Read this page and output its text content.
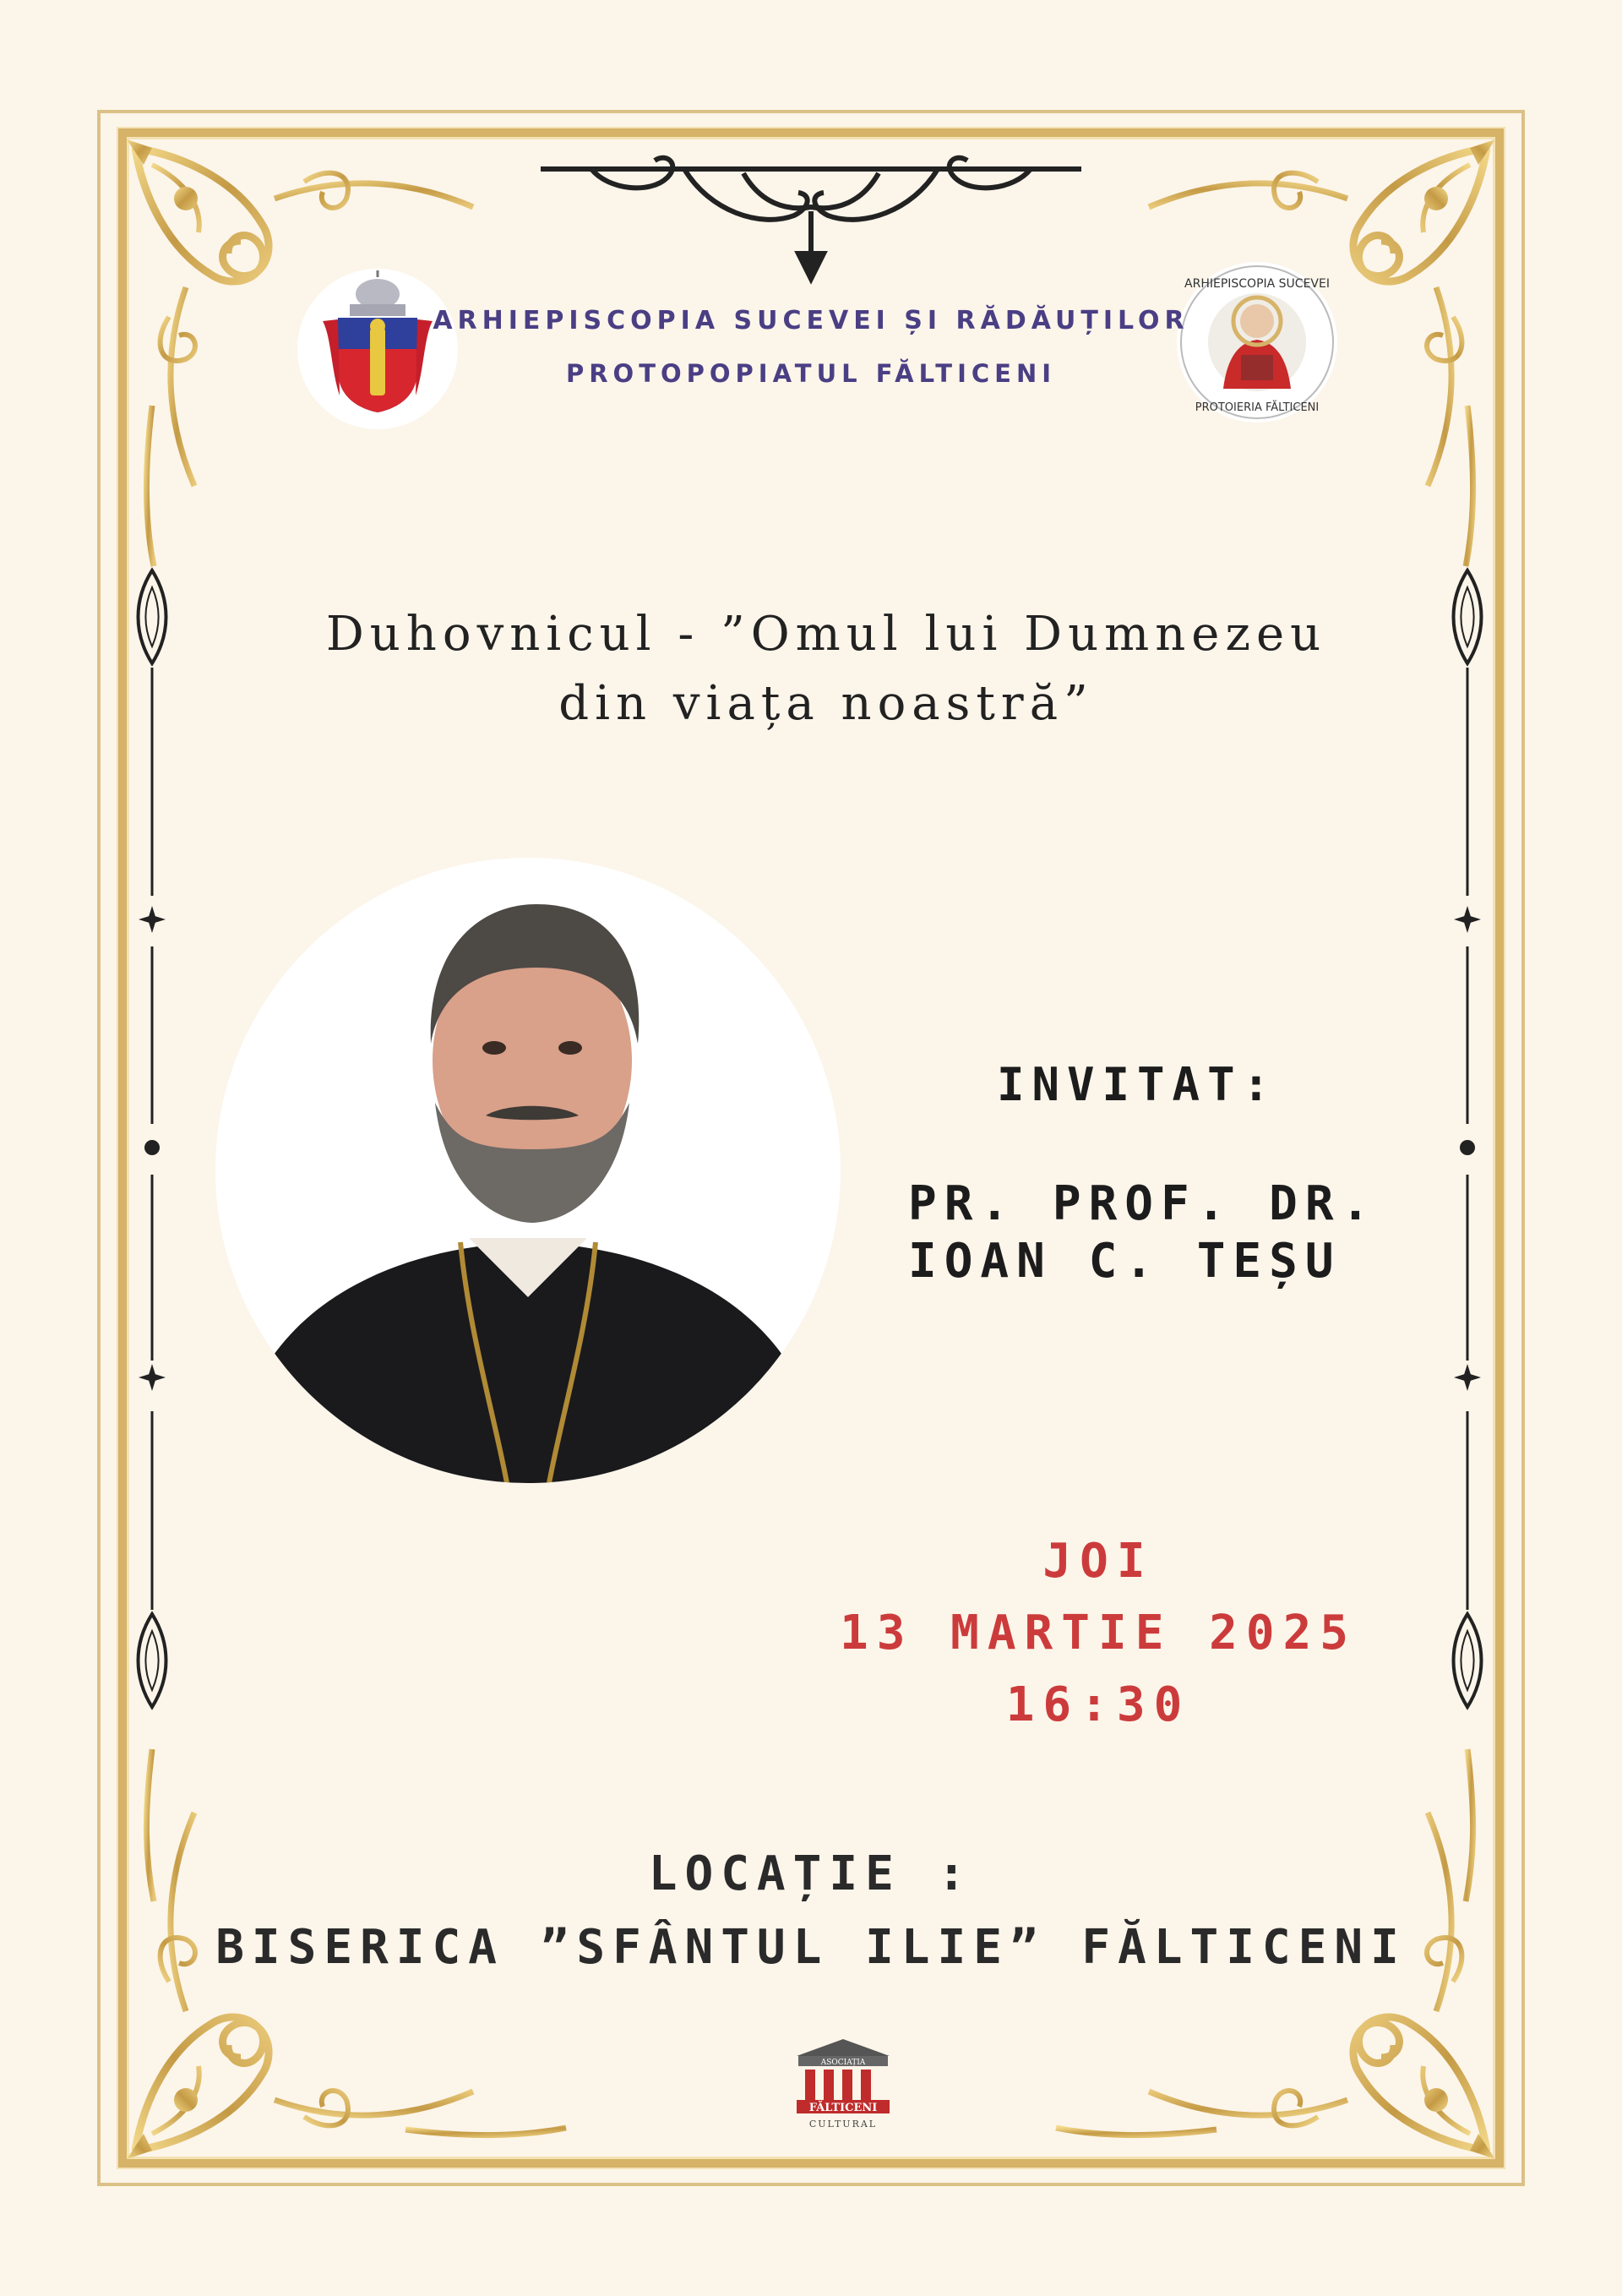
ARHIEPISCOPIA SUCEVEI
PROTOIERIA FĂLTICENI
ARHIEPISCOPIA SUCEVEI ȘI RĂDĂUȚILOR
PROTOPOPIATUL FĂLTICENI
Duhovnicul - ”Omul lui Dumnezeu
din viața noastră”
INVITAT:
PR. PROF. DR.
IOAN C. TEȘU
JOI
13 MARTIE 2025
16:30
LOCAȚIE :
BISERICA ”SFÂNTUL ILIE” FĂLTICENI
ASOCIAȚIA
FĂLTICENI
CULTURAL
